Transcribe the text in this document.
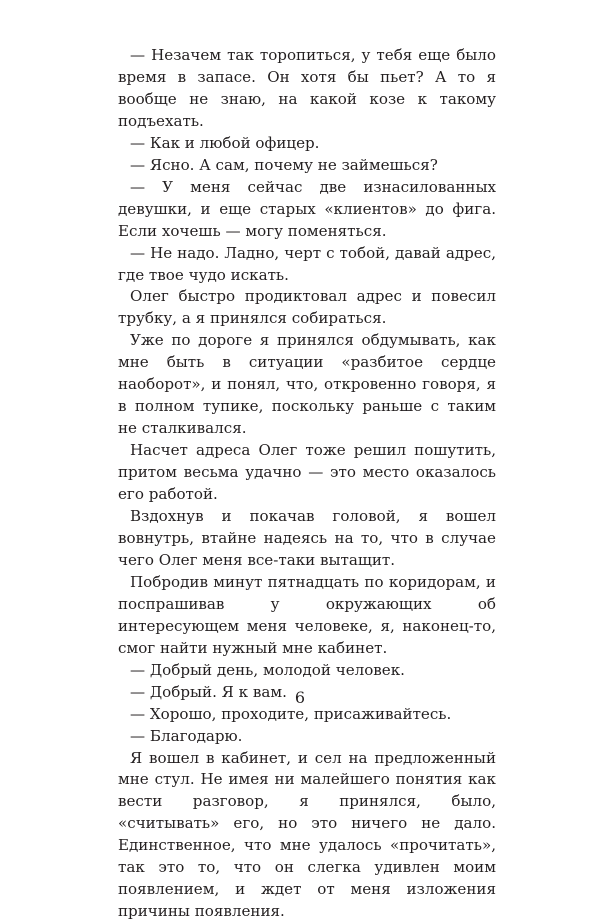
— Незачем так торопиться, у тебя еще было время в запасе. Он хотя бы пьет? А то я вообще не знаю, на какой козе к такому подъехать.

— Как и любой офицер.

— Ясно. А сам, почему не займешься?

— У меня сейчас две изнасилованных девушки, и еще старых «клиентов» до фига. Если хочешь — могу поменяться.

— Не надо. Ладно, черт с тобой, давай адрес, где твое чудо искать.

Олег быстро продиктовал адрес и повесил трубку, а я принялся собираться.

Уже по дороге я принялся обдумывать, как мне быть в ситуации «разбитое сердце наоборот», и понял, что, откровенно говоря, я в полном тупике, поскольку раньше с таким не сталкивался.

Насчет адреса Олег тоже решил пошутить, притом весьма удачно — это место оказалось его работой.

Вздохнув и покачав головой, я вошел вовнутрь, втайне надеясь на то, что в случае чего Олег меня все-таки вытащит.

Побродив минут пятнадцать по коридорам, и поспрашивав у окружающих об интересующем меня человеке, я, наконец-то, смог найти нужный мне кабинет.

— Добрый день, молодой человек.

— Добрый. Я к вам.

— Хорошо, проходите, присаживайтесь.

— Благодарю.

Я вошел в кабинет, и сел на предложенный мне стул. Не имея ни малейшего понятия как вести разговор, я принялся, было, «считывать» его, но это ничего не дало. Единственное, что мне удалось «прочитать», так это то, что он слегка удивлен моим появлением, и ждет от меня изложения причины появления.

6
